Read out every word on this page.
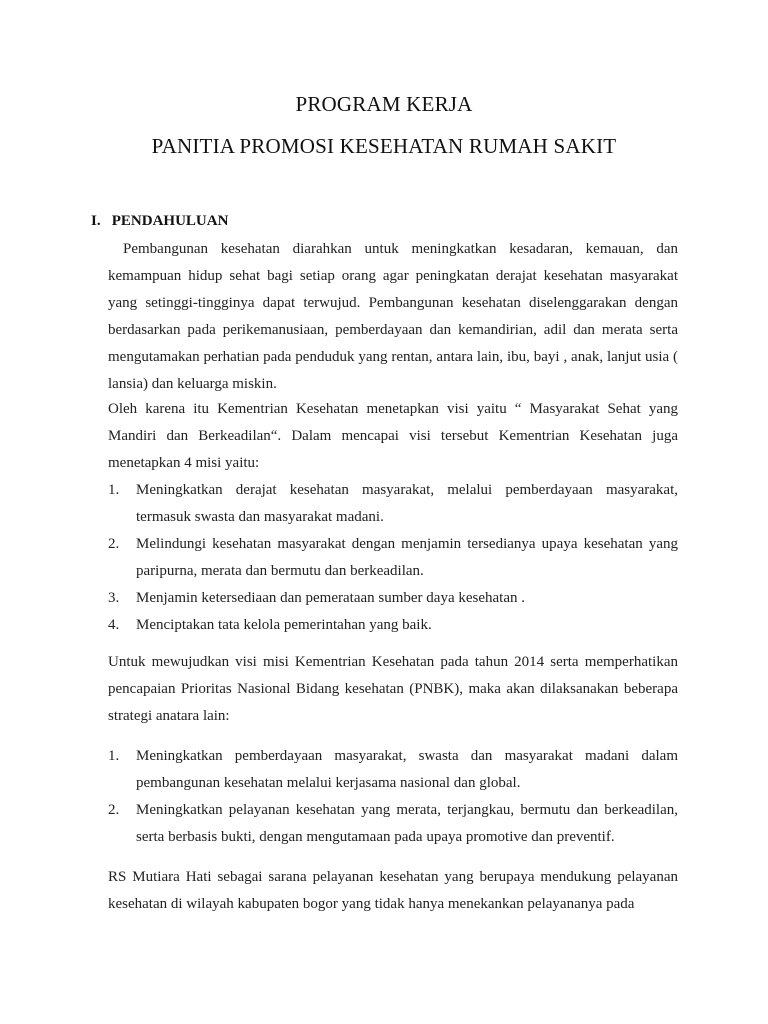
PROGRAM KERJA
PANITIA PROMOSI KESEHATAN RUMAH SAKIT
I. PENDAHULUAN
Pembangunan kesehatan diarahkan untuk meningkatkan kesadaran, kemauan, dan kemampuan hidup sehat bagi setiap orang agar peningkatan derajat kesehatan masyarakat yang setinggi-tingginya dapat terwujud. Pembangunan kesehatan diselenggarakan dengan berdasarkan pada perikemanusiaan, pemberdayaan dan kemandirian, adil dan merata serta mengutamakan perhatian pada penduduk yang rentan, antara lain, ibu, bayi , anak, lanjut usia ( lansia) dan keluarga miskin.
Oleh karena itu Kementrian Kesehatan menetapkan visi yaitu “ Masyarakat Sehat yang Mandiri dan Berkeadilan“. Dalam mencapai visi tersebut Kementrian Kesehatan juga menetapkan 4 misi yaitu:
1. Meningkatkan derajat kesehatan masyarakat, melalui pemberdayaan masyarakat, termasuk swasta dan masyarakat madani.
2. Melindungi kesehatan masyarakat dengan menjamin tersedianya upaya kesehatan yang paripurna, merata dan bermutu dan berkeadilan.
3. Menjamin ketersediaan dan pemerataan sumber daya kesehatan .
4. Menciptakan tata kelola pemerintahan yang baik.
Untuk mewujudkan visi misi Kementrian Kesehatan pada tahun 2014 serta memperhatikan pencapaian Prioritas Nasional Bidang kesehatan (PNBK), maka akan dilaksanakan beberapa strategi anatara lain:
1. Meningkatkan pemberdayaan masyarakat, swasta dan masyarakat madani dalam pembangunan kesehatan melalui kerjasama nasional dan global.
2. Meningkatkan pelayanan kesehatan yang merata, terjangkau, bermutu dan berkeadilan, serta berbasis bukti, dengan mengutamaan pada upaya promotive dan preventif.
RS Mutiara Hati sebagai sarana pelayanan kesehatan yang berupaya mendukung pelayanan kesehatan di wilayah kabupaten bogor yang tidak hanya menekankan pelayananya pada
